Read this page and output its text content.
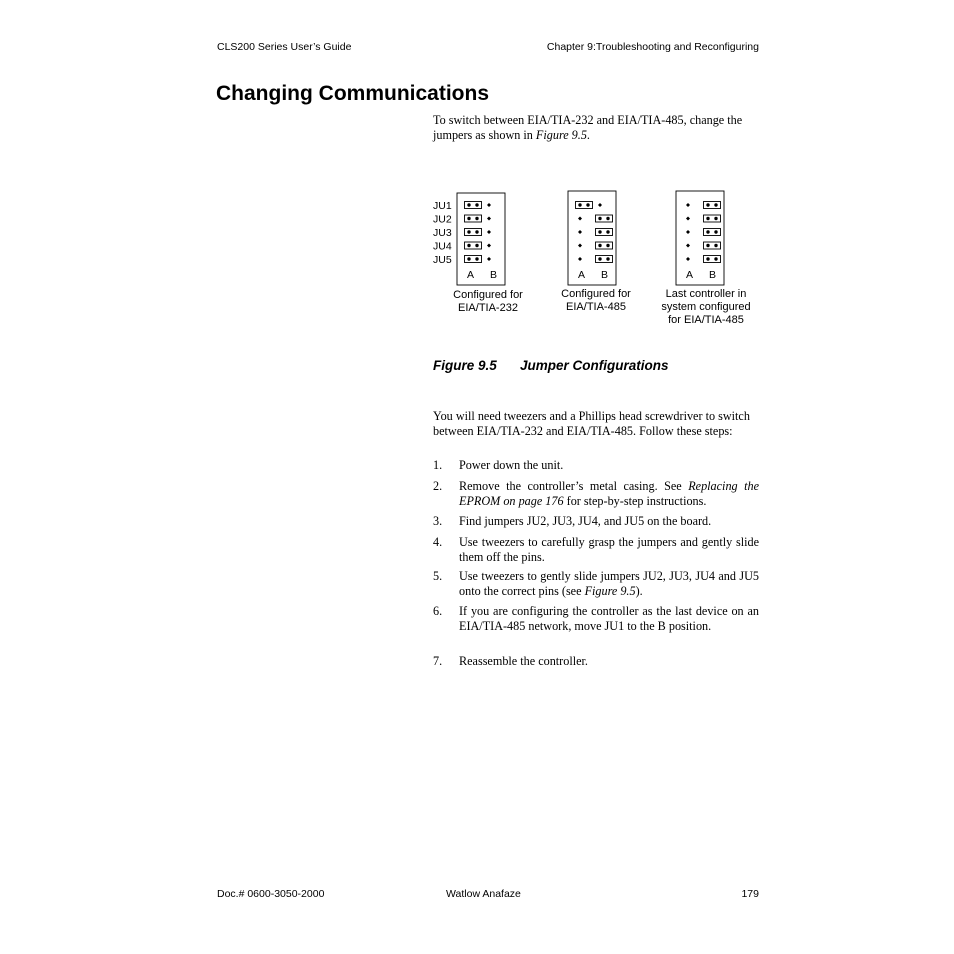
CLS200 Series User’s Guide	Chapter 9:Troubleshooting and Reconfiguring
Changing Communications
To switch between EIA/TIA-232 and EIA/TIA-485, change the jumpers as shown in Figure 9.5.
JU1
JU2
JU3
JU4
JU5
A B	A B	A B
Configured for
EIA/TIA-232
Configured for
EIA/TIA-485
Last controller in
system configured
for EIA/TIA-485
Figure 9.5 Jumper Configurations
You will need tweezers and a Phillips head screwdriver to switch between EIA/TIA-232 and EIA/TIA-485. Follow these steps:
1.	Power down the unit.
2.	Remove the controller’s metal casing. See Replacing the EPROM on page 176 for step-by-step instructions.
3.	Find jumpers JU2, JU3, JU4, and JU5 on the board.
4.	Use tweezers to carefully grasp the jumpers and gently slide them off the pins.
5.	Use tweezers to gently slide jumpers JU2, JU3, JU4 and JU5 onto the correct pins (see Figure 9.5).
6.	If you are configuring the controller as the last device on an EIA/TIA-485 network, move JU1 to the B position.
7.	Reassemble the controller.
Doc.# 0600-3050-2000	Watlow Anafaze	179
